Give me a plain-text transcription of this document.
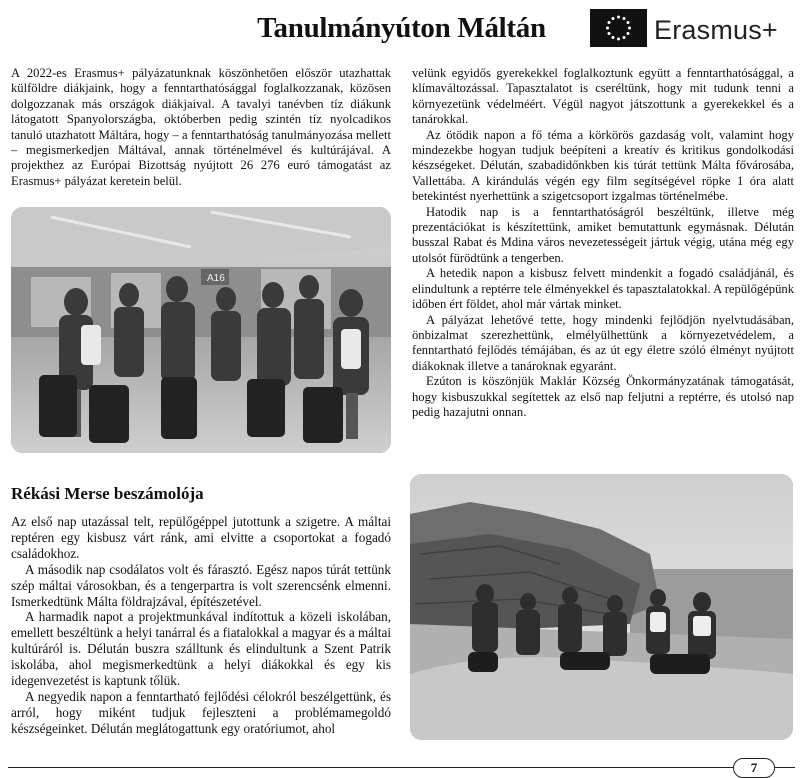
Tanulmányúton Máltán	Erasmus+

A 2022-es Erasmus+ pályázatunknak köszönhetően először utazhattak külföldre diákjaink, hogy a fenntarthatósággal foglalkozzanak, közösen dolgozzanak más országok diákjaival. A tavalyi tanévben tíz diákunk látogatott Spanyolországba, októberben pedig szintén tíz nyolcadikos tanuló utazhatott Máltára, hogy – a fenntarthatóság tanulmányozása mellett – megismerkedjen Máltával, annak történelmével és kultúrájával. A projekthez az Európai Bizottság nyújtott 26 276 euró támogatást az Erasmus+ pályázat keretein belül.

A16
Rékási Merse beszámolója

Az első nap utazással telt, repülőgéppel jutottunk a szigetre. A máltai reptéren egy kisbusz várt ránk, ami elvitte a csoportokat a fogadó családokhoz.

A második nap csodálatos volt és fárasztó. Egész napos túrát tettünk szép máltai városokban, és a tengerpartra is volt szerencsénk elmenni. Ismerkedtünk Málta földrajzával, építészetével.

A harmadik napot a projektmunkával indítottuk a közeli iskolában, emellett beszéltünk a helyi tanárral és a fiatalokkal a magyar és a máltai kultúráról is. Délután buszra szálltunk és elindultunk a Szent Patrik iskolába, ahol megismerkedtünk a helyi diákokkal és egy kis idegenvezetést is kaptunk tőlük.

A negyedik napon a fenntartható fejlődési célokról beszélgettünk, és arról, hogy miként tudjuk fejleszteni a problémamegoldó készségeinket. Délután meglátogattunk egy oratóriumot, ahol

velünk egyidős gyerekekkel foglalkoztunk együtt a fenntarthatósággal, a klímaváltozással. Tapasztalatot is cseréltünk, hogy mit tudunk tenni a környezetünk védelméért. Végül nagyot játszottunk a gyerekekkel és a tanárokkal.

Az ötödik napon a fő téma a körkörös gazdaság volt, valamint hogy mindezekbe hogyan tudjuk beépíteni a kreatív és kritikus gondolkodási készségeket. Délután, szabadidőnkben kis túrát tettünk Málta fővárosába, Vallettába. A kirándulás végén egy film segítségével röpke 1 óra alatt betekintést nyerhettünk a szigetcsoport izgalmas történelmébe.

Hatodik nap is a fenntarthatóságról beszéltünk, illetve még prezentációkat is készítettünk, amiket bemutattunk egymásnak. Délután busszal Rabat és Mdina város nevezetességeit jártuk végig, utána még egy utolsót fürödtünk a tengerben.

A hetedik napon a kisbusz felvett mindenkit a fogadó családjánál, és elindultunk a reptérre tele élményekkel és tapasztalatokkal. A repülőgépünk időben ért földet, ahol már vártak minket.

A pályázat lehetővé tette, hogy mindenki fejlődjön nyelvtudásában, önbizalmat szerezhettünk, elmélyülhettünk a környezetvédelem, a fenntartható fejlődés témájában, és az út egy életre szóló élményt nyújtott diákoknak illetve a tanároknak egyaránt.

Ezúton is köszönjük Maklár Község Önkormányzatának támogatását, hogy kisbuszukkal segítettek az első nap feljutni a reptérre, és utolsó nap pedig hazajutni onnan.

7
